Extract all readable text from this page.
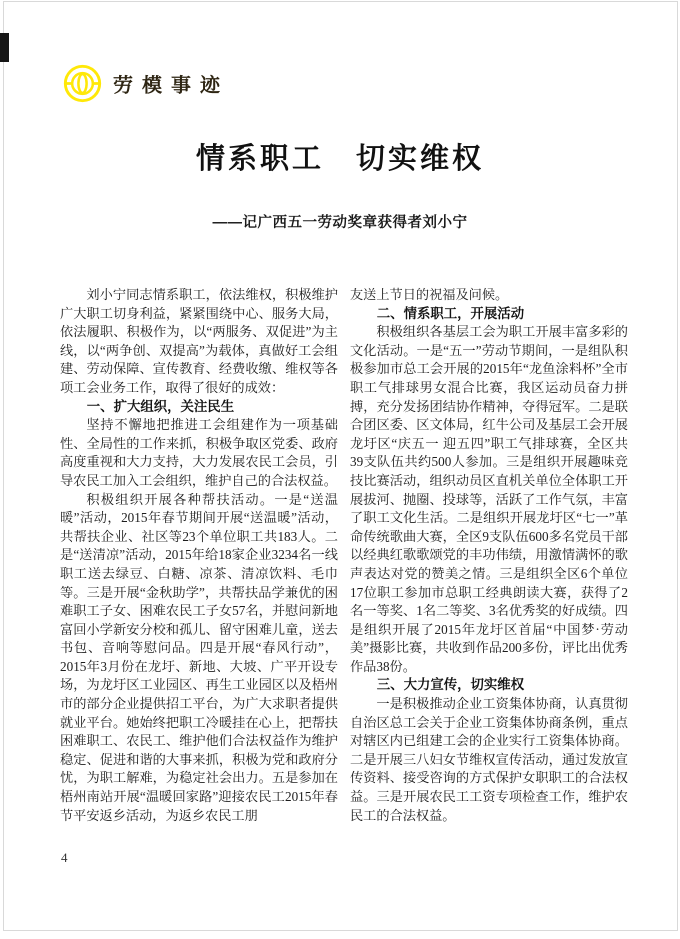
劳模事迹
情系职工　切实维权
——记广西五一劳动奖章获得者刘小宁

刘小宁同志情系职工，依法维权，积极维护广大职工切身利益，紧紧围绕中心、服务大局，依法履职、积极作为，以“两服务、双促进”为主线，以“两争创、双提高”为载体，真做好工会组建、劳动保障、宣传教育、经费收缴、维权等各项工会业务工作，取得了很好的成效：

一、扩大组织，关注民生

坚持不懈地把推进工会组建作为一项基础性、全局性的工作来抓，积极争取区党委、政府高度重视和大力支持，大力发展农民工会员，引导农民工加入工会组织，维护自己的合法权益。

积极组织开展各种帮扶活动。一是“送温暖”活动，2015年春节期间开展“送温暖”活动，共帮扶企业、社区等23个单位职工共183人。二是“送清凉”活动，2015年给18家企业3234名一线职工送去绿豆、白糖、凉茶、清凉饮料、毛巾等。三是开展“金秋助学”，共帮扶品学兼优的困难职工子女、困难农民工子女57名，并慰问新地富回小学新安分校和孤儿、留守困难儿童，送去书包、音响等慰问品。四是开展“春风行动”，2015年3月份在龙圩、新地、大坡、广平开设专场，为龙圩区工业园区、再生工业园区以及梧州市的部分企业提供招工平台，为广大求职者提供就业平台。她始终把职工冷暖挂在心上，把帮扶困难职工、农民工、维护他们合法权益作为维护稳定、促进和谐的大事来抓，积极为党和政府分忧，为职工解难，为稳定社会出力。五是参加在梧州南站开展“温暖回家路”迎接农民工2015年春节平安返乡活动，为返乡农民工朋

友送上节日的祝福及问候。

二、情系职工，开展活动

积极组织各基层工会为职工开展丰富多彩的文化活动。一是“五一”劳动节期间，一是组队积极参加市总工会开展的2015年“龙鱼涂料杯”全市职工气排球男女混合比赛，我区运动员奋力拼搏，充分发扬团结协作精神，夺得冠军。二是联合团区委、区文体局，红牛公司及基层工会开展龙圩区“庆五一 迎五四”职工气排球赛，全区共39支队伍共约500人参加。三是组织开展趣味竞技比赛活动，组织动员区直机关单位全体职工开展拔河、抛圈、投球等，活跃了工作气氛，丰富了职工文化生活。二是组织开展龙圩区“七一”革命传统歌曲大赛，全区9支队伍600多名党员干部以经典红歌歌颂党的丰功伟绩，用激情满怀的歌声表达对党的赞美之情。三是组织全区6个单位17位职工参加市总职工经典朗读大赛，获得了2名一等奖、1名二等奖、3名优秀奖的好成绩。四是组织开展了2015年龙圩区首届“中国梦·劳动美”摄影比赛，共收到作品200多份，评比出优秀作品38份。

三、大力宣传，切实维权

一是积极推动企业工资集体协商，认真贯彻自治区总工会关于企业工资集体协商条例，重点对辖区内已组建工会的企业实行工资集体协商。二是开展三八妇女节维权宣传活动，通过发放宣传资料、接受咨询的方式保护女职职工的合法权益。三是开展农民工工资专项检查工作，维护农民工的合法权益。

4
